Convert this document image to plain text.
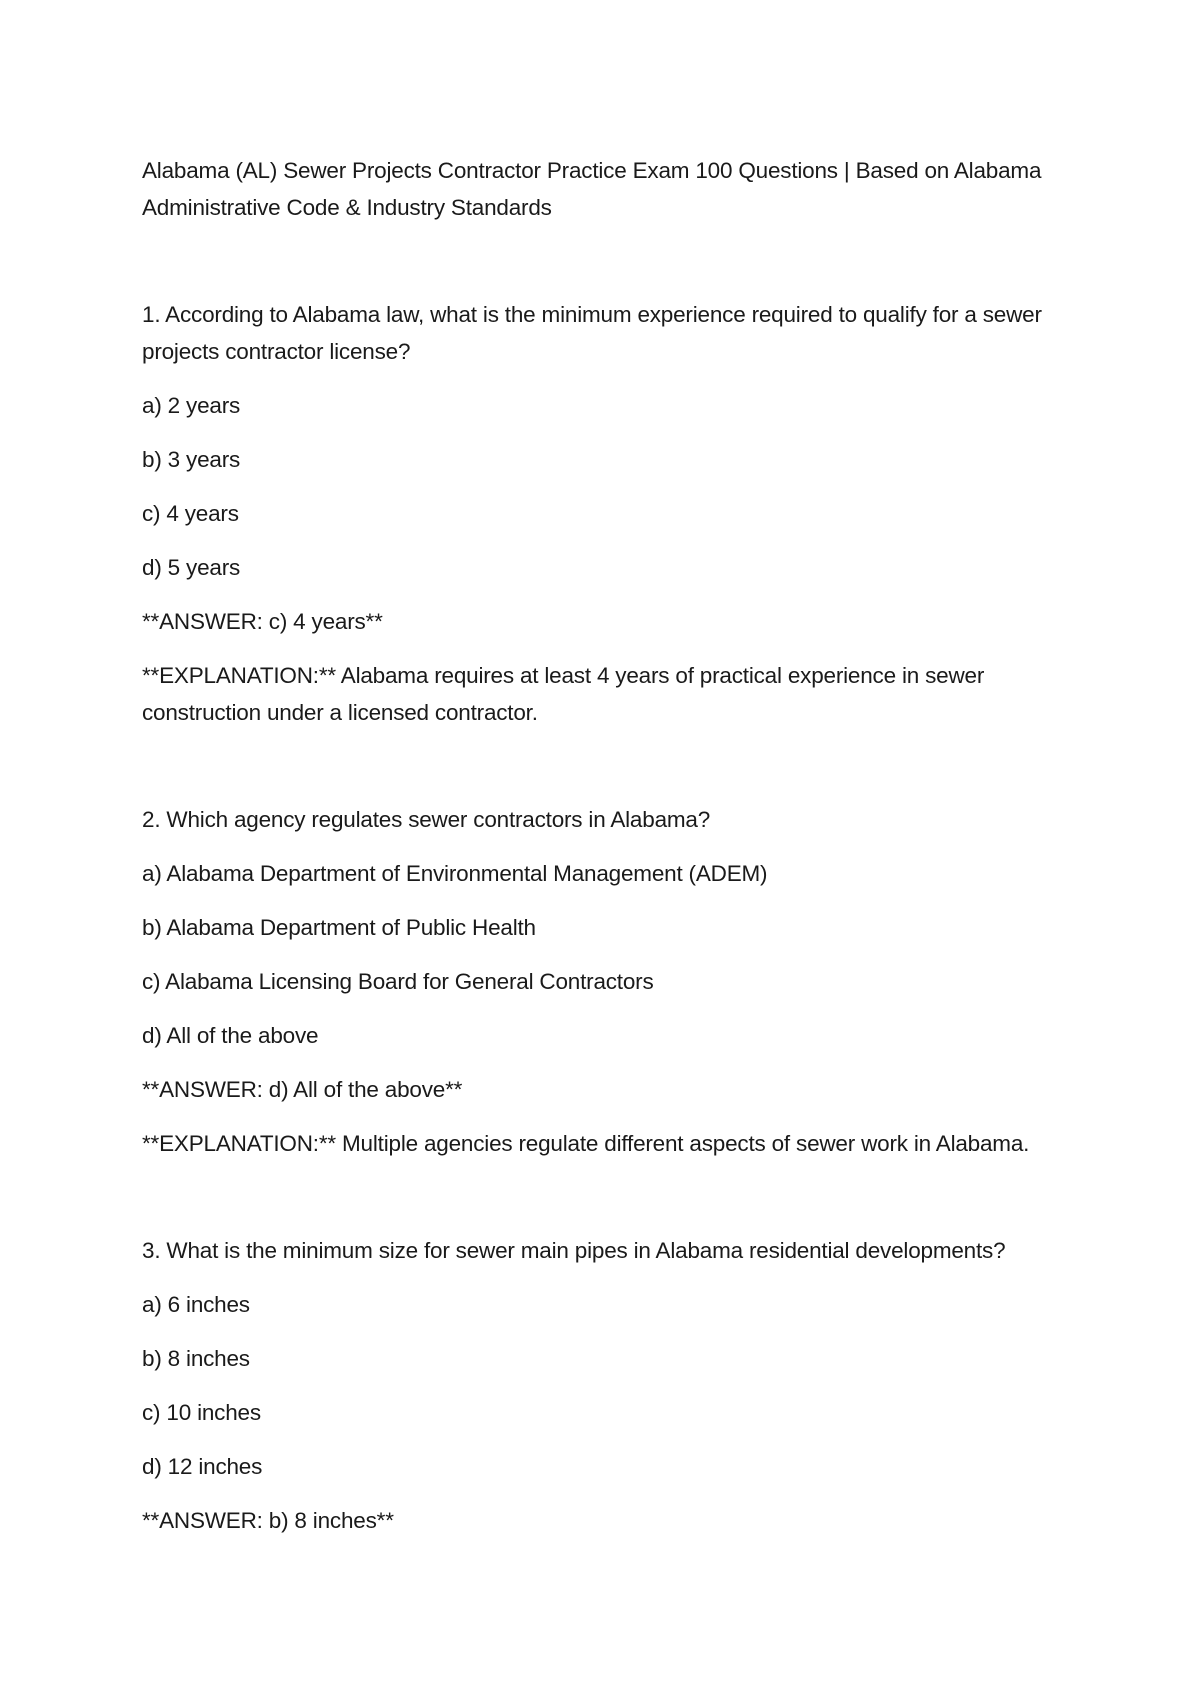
Alabama (AL) Sewer Projects Contractor Practice Exam 100 Questions | Based on Alabama Administrative Code & Industry Standards

1. According to Alabama law, what is the minimum experience required to qualify for a sewer projects contractor license?

a) 2 years

b) 3 years

c) 4 years

d) 5 years

**ANSWER: c) 4 years**

**EXPLANATION:** Alabama requires at least 4 years of practical experience in sewer construction under a licensed contractor.

2. Which agency regulates sewer contractors in Alabama?

a) Alabama Department of Environmental Management (ADEM)

b) Alabama Department of Public Health

c) Alabama Licensing Board for General Contractors

d) All of the above

**ANSWER: d) All of the above**

**EXPLANATION:** Multiple agencies regulate different aspects of sewer work in Alabama.

3. What is the minimum size for sewer main pipes in Alabama residential developments?

a) 6 inches

b) 8 inches

c) 10 inches

d) 12 inches

**ANSWER: b) 8 inches**
